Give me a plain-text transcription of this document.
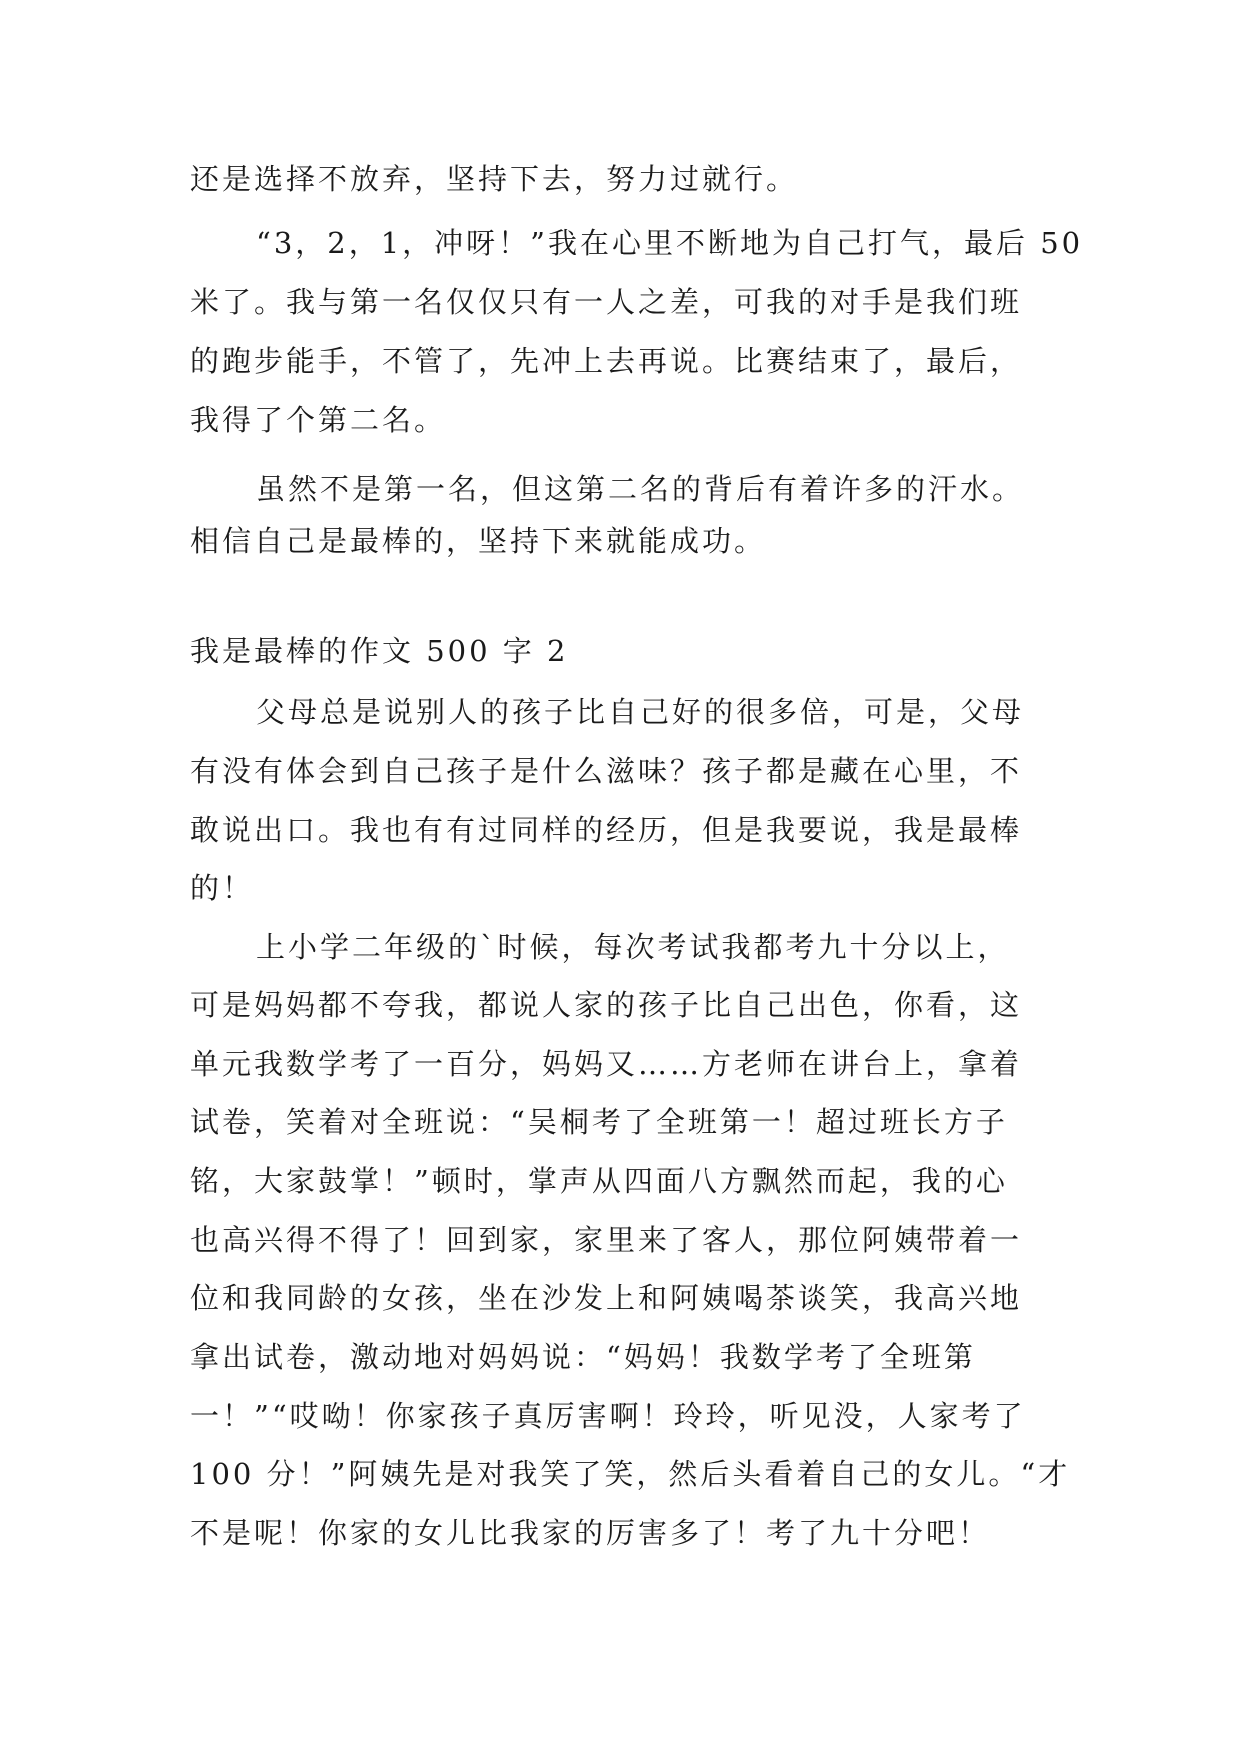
还是选择不放弃，坚持下去，努力过就行。

“3，2，1，冲呀！”我在心里不断地为自己打气，最后 50

米了。我与第一名仅仅只有一人之差，可我的对手是我们班

的跑步能手，不管了，先冲上去再说。比赛结束了，最后，

我得了个第二名。

虽然不是第一名，但这第二名的背后有着许多的汗水。

相信自己是最棒的，坚持下来就能成功。

我是最棒的作文 500 字 2

父母总是说别人的孩子比自己好的很多倍，可是，父母

有没有体会到自己孩子是什么滋味？孩子都是藏在心里，不

敢说出口。我也有有过同样的经历，但是我要说，我是最棒

的！

上小学二年级的`时候，每次考试我都考九十分以上，

可是妈妈都不夸我，都说人家的孩子比自己出色，你看，这

单元我数学考了一百分，妈妈又……方老师在讲台上，拿着

试卷，笑着对全班说：“吴桐考了全班第一！超过班长方子

铭，大家鼓掌！”顿时，掌声从四面八方飘然而起，我的心

也高兴得不得了！回到家，家里来了客人，那位阿姨带着一

位和我同龄的女孩，坐在沙发上和阿姨喝茶谈笑，我高兴地

拿出试卷，激动地对妈妈说：“妈妈！我数学考了全班第

一！”“哎呦！你家孩子真厉害啊！玲玲，听见没，人家考了

100 分！”阿姨先是对我笑了笑，然后头看着自己的女儿。“才

不是呢！你家的女儿比我家的厉害多了！考了九十分吧！
